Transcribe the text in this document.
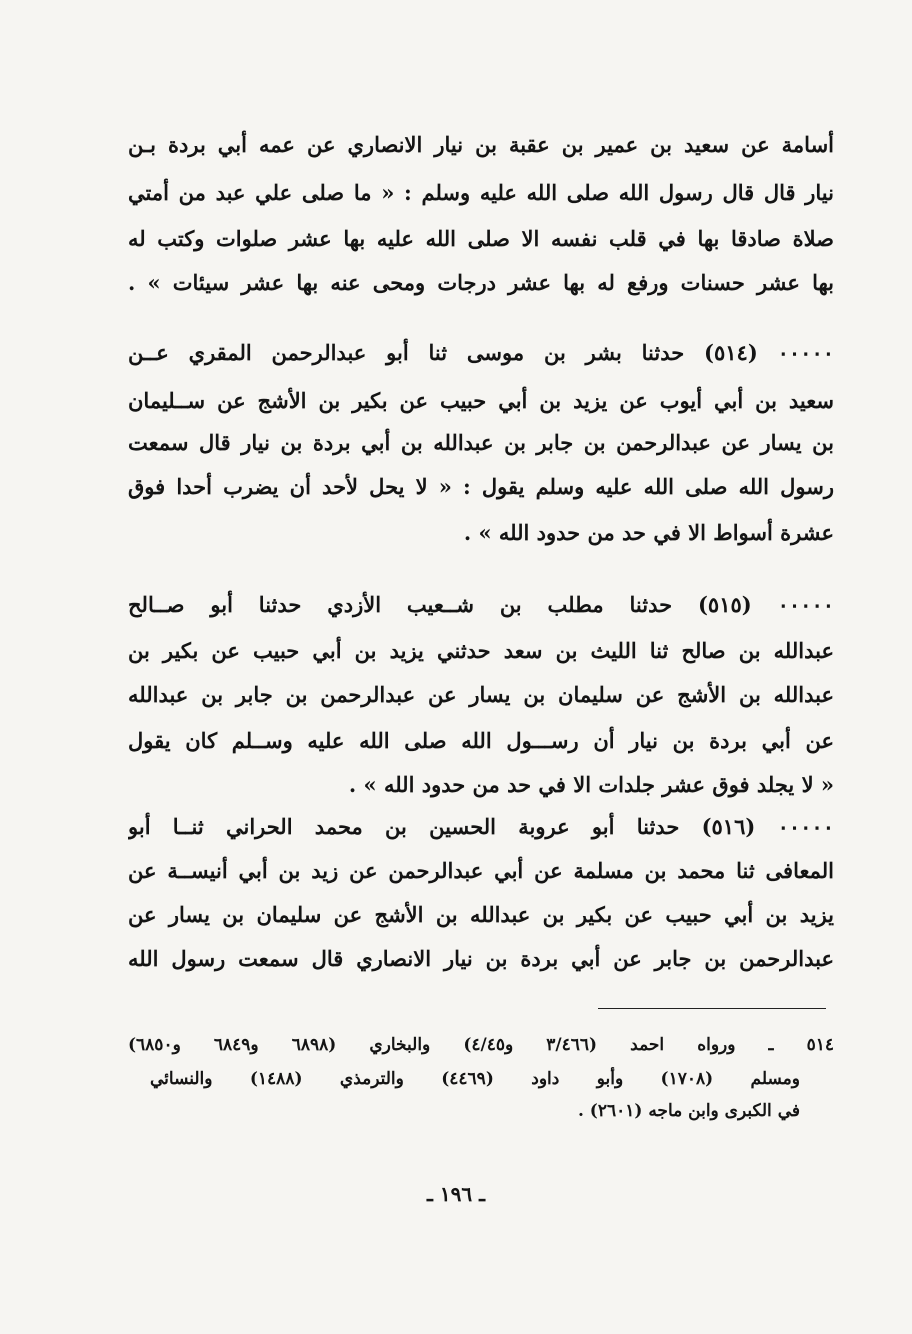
أسامة عن سعيد بن عمير بن عقبة بن نيار الانصاري عن عمه أبي بردة بـن
نيار قال قال رسول الله صلى الله عليه وسلم : « ما صلى علي عبد من أمتي
صلاة صادقا بها في قلب نفسه الا صلى الله عليه بها عشر صلوات وكتب له
بها عشر حسنات ورفع له بها عشر درجات ومحى عنه بها عشر سيئات » .
٠٠٠٠٠ (٥١٤) حدثنا بشر بن موسى ثنا أبو عبدالرحمن المقري عــن
سعيد بن أبي أيوب عن يزيد بن أبي حبيب عن بكير بن الأشج عن ســليمان
بن يسار عن عبدالرحمن بن جابر بن عبدالله بن أبي بردة بن نيار قال سمعت
رسول الله صلى الله عليه وسلم يقول : « لا يحل لأحد أن يضرب أحدا فوق
عشرة أسواط الا في حد من حدود الله » .
٠٠٠٠٠ (٥١٥) حدثنا مطلب بن شــعيب الأزدي حدثنا أبو صــالح
عبدالله بن صالح ثنا الليث بن سعد حدثني يزيد بن أبي حبيب عن بكير بن
عبدالله بن الأشج عن سليمان بن يسار عن عبدالرحمن بن جابر بن عبدالله
عن أبي بردة بن نيار أن رســـول الله صلى الله عليه وســلم كان يقول
« لا يجلد فوق عشر جلدات الا في حد من حدود الله » .
٠٠٠٠٠ (٥١٦) حدثنا أبو عروبة الحسين بن محمد الحراني ثنــا أبو
المعافى ثنا محمد بن مسلمة عن أبي عبدالرحمن عن زيد بن أبي أنيســة عن
يزيد بن أبي حبيب عن بكير بن عبدالله بن الأشج عن سليمان بن يسار عن
عبدالرحمن بن جابر عن أبي بردة بن نيار الانصاري قال سمعت رسول الله
٥١٤ ـ ورواه احمد (٣/٤٦٦ و٤/٤٥) والبخاري (٦٨٩٨ و٦٨٤٩ و٦٨٥٠)
ومسلم (١٧٠٨) وأبو داود (٤٤٦٩) والترمذي (١٤٨٨) والنسائي
في الكبرى وابن ماجه (٢٦٠١) .
ـ ١٩٦ ـ
